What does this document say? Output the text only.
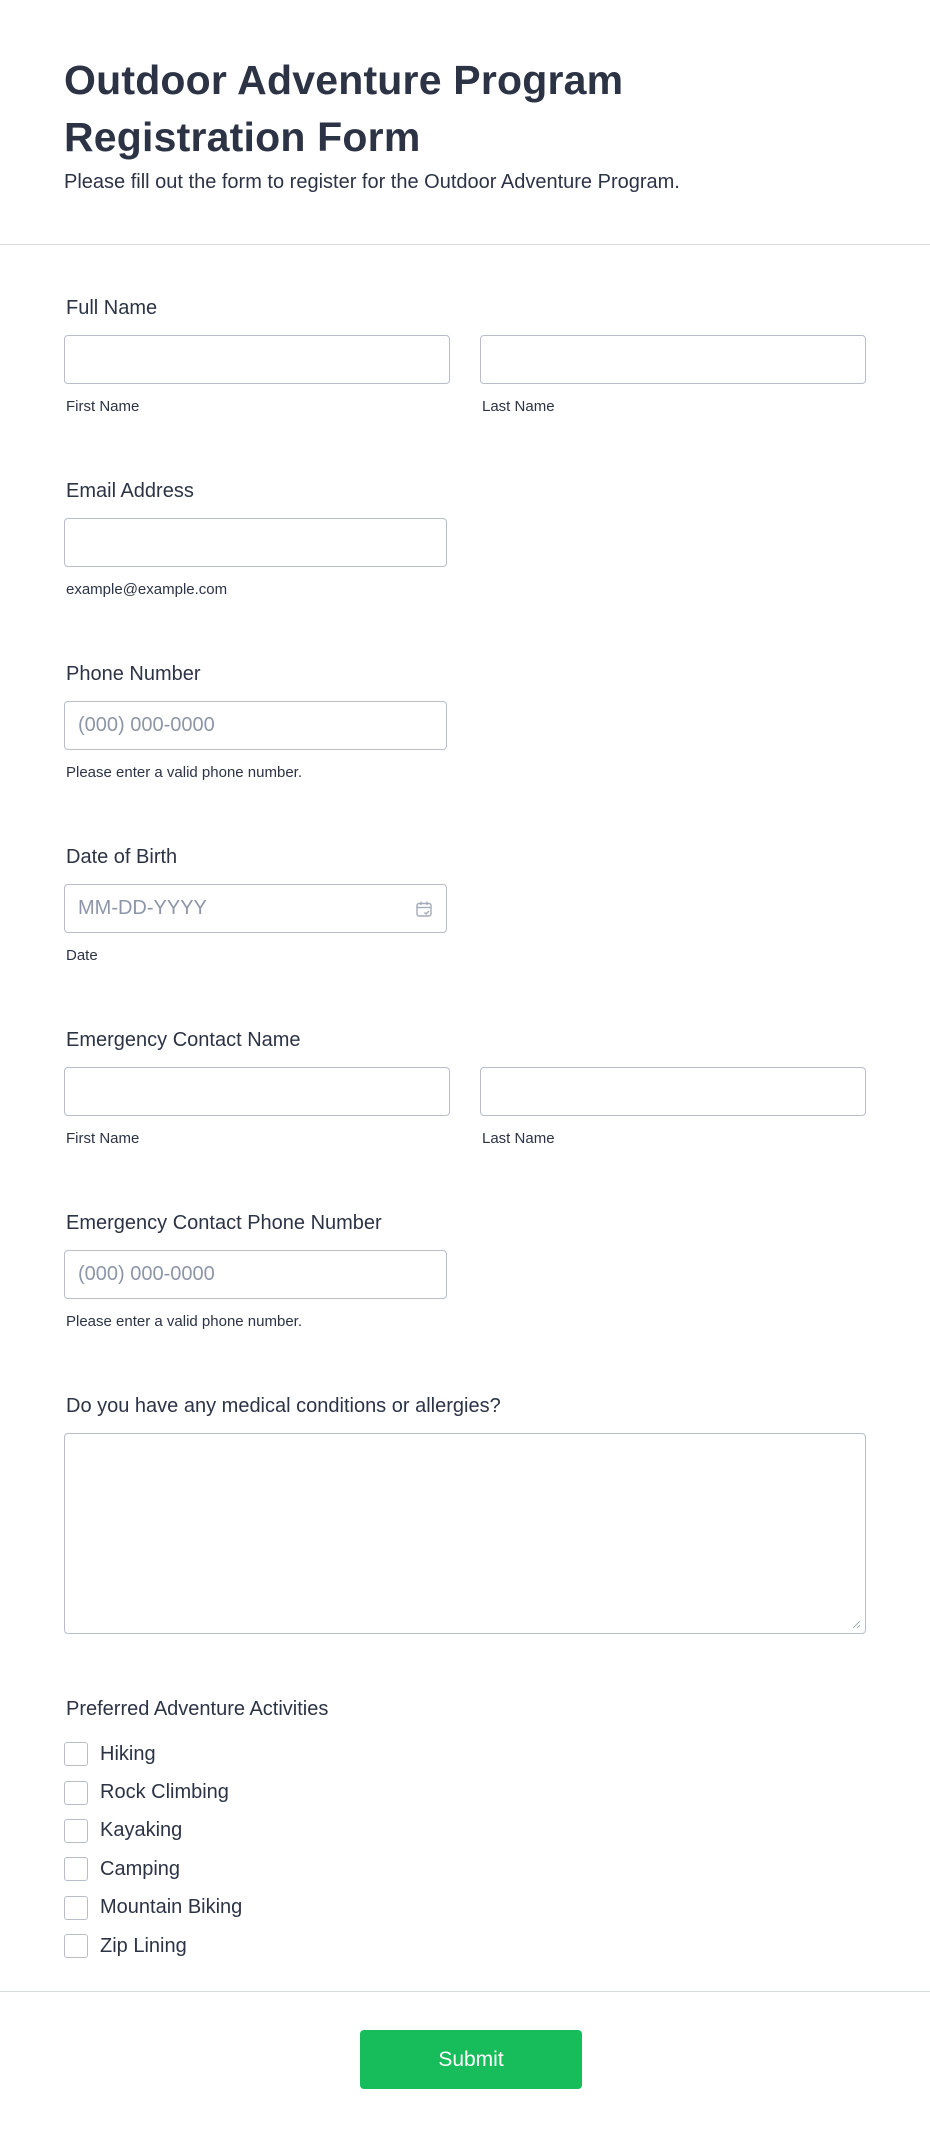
Outdoor Adventure Program Registration Form

Please fill out the form to register for the Outdoor Adventure Program.

Full Name
First Name	Last Name
Email Address
example@example.com
Phone Number
(000) 000-0000
Please enter a valid phone number.
Date of Birth
MM-DD-YYYY
Date
Emergency Contact Name
First Name	Last Name
Emergency Contact Phone Number
(000) 000-0000
Please enter a valid phone number.
Do you have any medical conditions or allergies?
Preferred Adventure Activities
Hiking
Rock Climbing
Kayaking
Camping
Mountain Biking
Zip Lining
Submit
